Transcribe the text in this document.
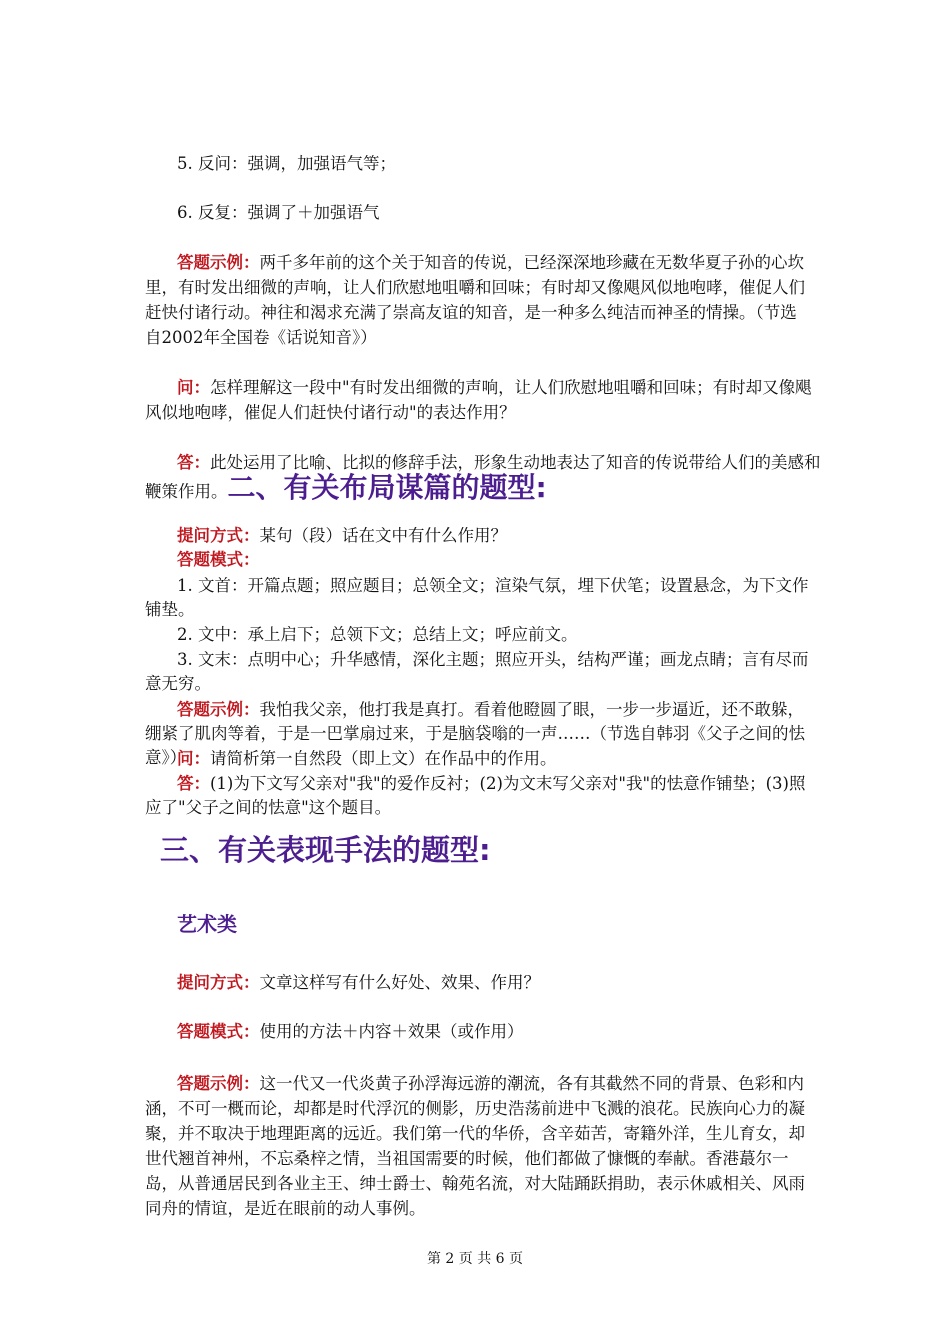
5. 反问：强调，加强语气等；
6. 反复：强调了＋加强语气
答题示例：两千多年前的这个关于知音的传说，已经深深地珍藏在无数华夏子孙的心坎里，有时发出细微的声响，让人们欣慰地咀嚼和回味；有时却又像飓风似地咆哮，催促人们赶快付诸行动。神往和渴求充满了崇高友谊的知音，是一种多么纯洁而神圣的情操。（节选自2002年全国卷《话说知音》）
问：怎样理解这一段中"有时发出细微的声响，让人们欣慰地咀嚼和回味；有时却又像飓风似地咆哮，催促人们赶快付诸行动"的表达作用？
答：此处运用了比喻、比拟的修辞手法，形象生动地表达了知音的传说带给人们的美感和鞭策作用。二、有关布局谋篇的题型:
提问方式：某句（段）话在文中有什么作用？
答题模式：
1. 文首：开篇点题；照应题目；总领全文；渲染气氛，埋下伏笔；设置悬念，为下文作铺垫。
2. 文中：承上启下；总领下文；总结上文；呼应前文。
3. 文末：点明中心；升华感情，深化主题；照应开头，结构严谨；画龙点睛；言有尽而意无穷。
答题示例：我怕我父亲，他打我是真打。看着他瞪圆了眼，一步一步逼近，还不敢躲，绷紧了肌肉等着，于是一巴掌扇过来，于是脑袋嗡的一声……（节选自韩羽《父子之间的怯意》）
问：请简析第一自然段（即上文）在作品中的作用。
答：(1)为下文写父亲对"我"的爱作反衬；(2)为文末写父亲对"我"的怯意作铺垫；(3)照应了"父子之间的怯意"这个题目。
三、有关表现手法的题型:
艺术类
提问方式：文章这样写有什么好处、效果、作用？
答题模式：使用的方法＋内容＋效果（或作用）
答题示例：这一代又一代炎黄子孙浮海远游的潮流，各有其截然不同的背景、色彩和内涵，不可一概而论，却都是时代浮沉的侧影，历史浩荡前进中飞溅的浪花。民族向心力的凝聚，并不取决于地理距离的远近。我们第一代的华侨，含辛茹苦，寄籍外洋，生儿育女，却世代翘首神州，不忘桑梓之情，当祖国需要的时候，他们都做了慷慨的奉献。香港蕞尔一岛，从普通居民到各业主王、绅士爵士、翰苑名流，对大陆踊跃捐助，表示休戚相关、风雨同舟的情谊，是近在眼前的动人事例。
第 2 页 共 6 页
